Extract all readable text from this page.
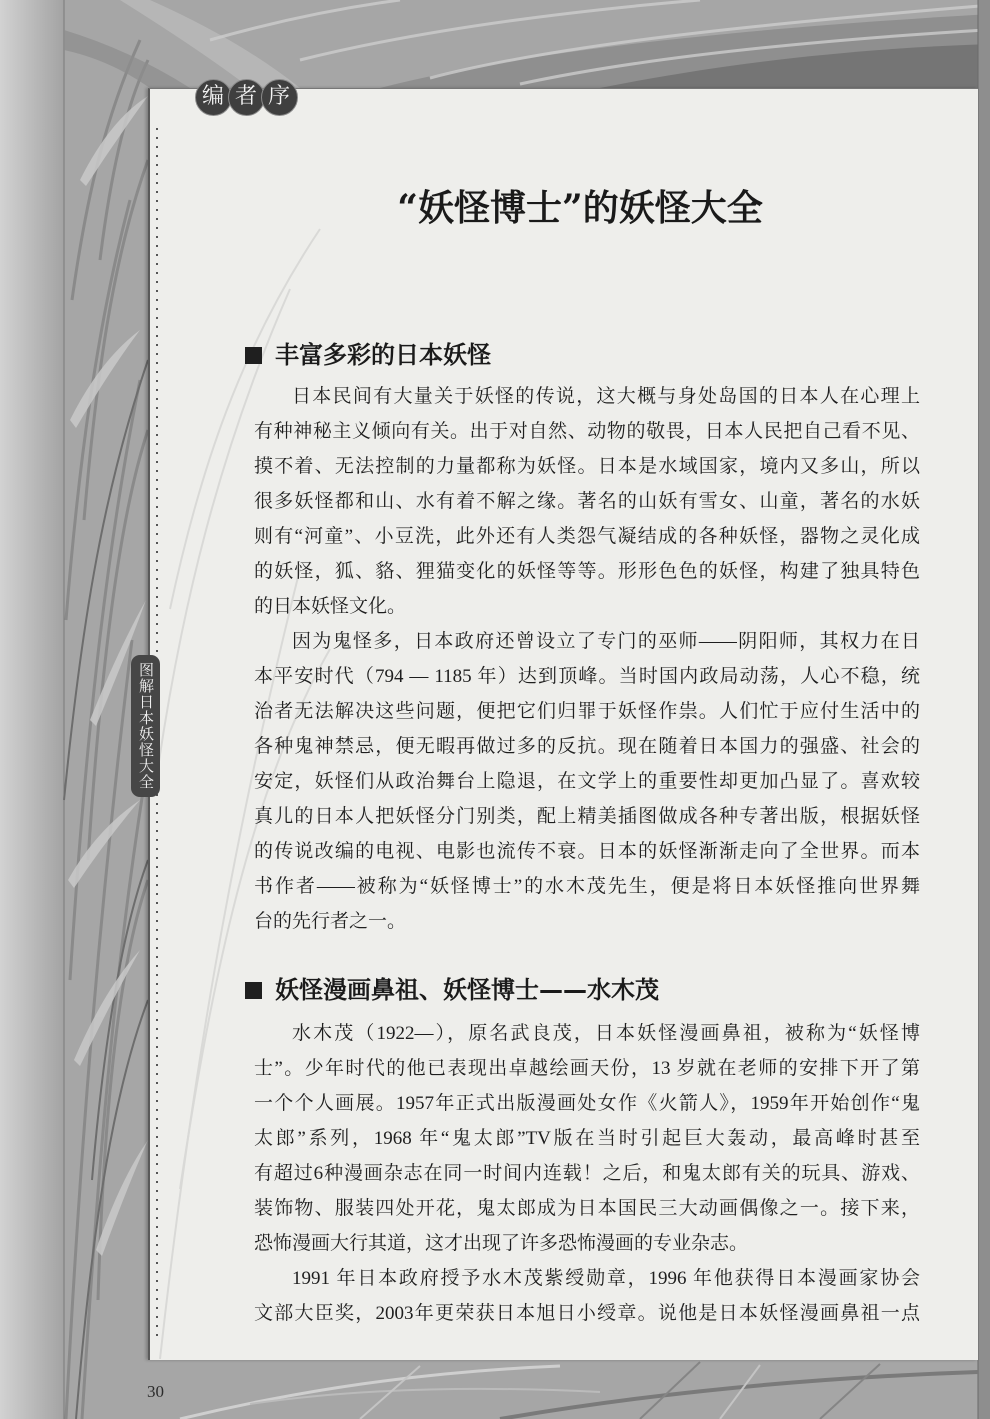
图解日本妖怪大全
编者序
“妖怪博士”的妖怪大全
丰富多彩的日本妖怪
日本民间有大量关于妖怪的传说，这大概与身处岛国的日本人在心理上
有种神秘主义倾向有关。出于对自然、动物的敬畏，日本人民把自己看不见、
摸不着、无法控制的力量都称为妖怪。日本是水域国家，境内又多山，所以
很多妖怪都和山、水有着不解之缘。著名的山妖有雪女、山童，著名的水妖
则有“河童”、小豆洗，此外还有人类怨气凝结成的各种妖怪，器物之灵化成
的妖怪，狐、貉、狸猫变化的妖怪等等。形形色色的妖怪，构建了独具特色
的日本妖怪文化。
因为鬼怪多，日本政府还曾设立了专门的巫师——阴阳师，其权力在日
本平安时代（794 — 1185 年）达到顶峰。当时国内政局动荡，人心不稳，统
治者无法解决这些问题，便把它们归罪于妖怪作祟。人们忙于应付生活中的
各种鬼神禁忌，便无暇再做过多的反抗。现在随着日本国力的强盛、社会的
安定，妖怪们从政治舞台上隐退，在文学上的重要性却更加凸显了。喜欢较
真儿的日本人把妖怪分门别类，配上精美插图做成各种专著出版，根据妖怪
的传说改编的电视、电影也流传不衰。日本的妖怪渐渐走向了全世界。而本
书作者——被称为“妖怪博士”的水木茂先生，便是将日本妖怪推向世界舞
台的先行者之一。
妖怪漫画鼻祖、妖怪博士——水木茂
水木茂（1922—），原名武良茂，日本妖怪漫画鼻祖，被称为“妖怪博
士”。少年时代的他已表现出卓越绘画天份，13 岁就在老师的安排下开了第
一个个人画展。1957年正式出版漫画处女作《火箭人》，1959年开始创作“鬼
太郎”系列，1968 年“鬼太郎”TV版在当时引起巨大轰动，最高峰时甚至
有超过6种漫画杂志在同一时间内连载！之后，和鬼太郎有关的玩具、游戏、
装饰物、服装四处开花，鬼太郎成为日本国民三大动画偶像之一。接下来，
恐怖漫画大行其道，这才出现了许多恐怖漫画的专业杂志。
1991 年日本政府授予水木茂紫绶勋章，1996 年他获得日本漫画家协会
文部大臣奖，2003年更荣获日本旭日小绶章。说他是日本妖怪漫画鼻祖一点
30
